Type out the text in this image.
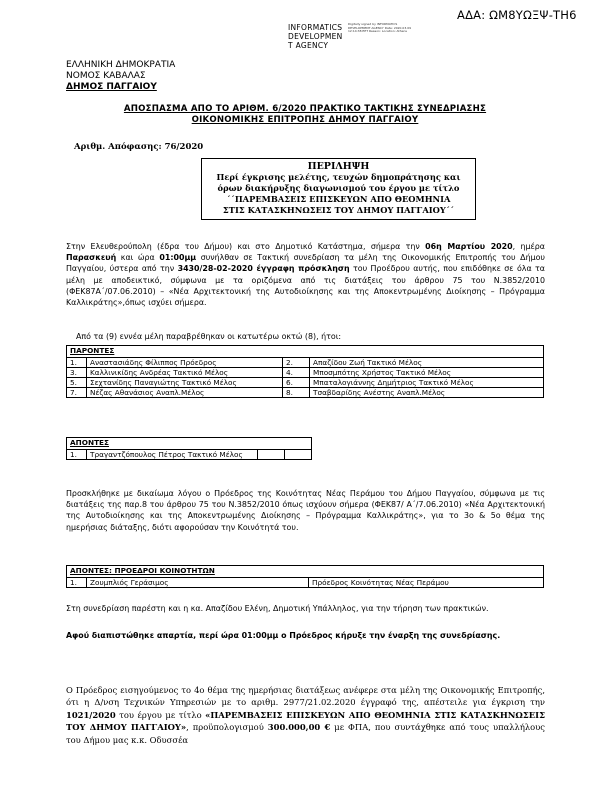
ΑΔΑ: ΩΜ8ΥΩΞΨ-ΤΗ6
INFORMATICS
DEVELOPMEN
T AGENCY
Digitally signed by INFORMATICS DEVELOPMENT AGENCY Date: 2020.03.09 12:14:38 EET Reason: Location: Athens
ΕΛΛΗΝΙΚΗ ΔΗΜΟΚΡΑΤΙΑ
ΝΟΜΟΣ ΚΑΒΑΛΑΣ
ΔΗΜΟΣ ΠΑΓΓΑΙΟΥ
ΑΠΟΣΠΑΣΜΑ ΑΠΟ ΤΟ ΑΡΙΘΜ. 6/2020 ΠΡΑΚΤΙΚΟ ΤΑΚΤΙΚΗΣ ΣΥΝΕΔΡΙΑΣΗΣ
ΟΙΚΟΝΟΜΙΚΗΣ ΕΠΙΤΡΟΠΗΣ ΔΗΜΟΥ ΠΑΓΓΑΙΟΥ
Αριθμ. Απόφασης: 76/2020
ΠΕΡΙΛΗΨΗ
Περί έγκρισης μελέτης, τευχών δημοπράτησης και
όρων διακήρυξης διαγωνισμού του έργου με τίτλο
΄΄ΠΑΡΕΜΒΑΣΕΙΣ ΕΠΙΣΚΕΥΩΝ ΑΠΟ ΘΕΟΜΗΝΙΑ
ΣΤΙΣ ΚΑΤΑΣΚΗΝΩΣΕΙΣ ΤΟΥ ΔΗΜΟΥ ΠΑΓΓΑΙΟΥ΄΄
Στην Ελευθερούπολη (έδρα του Δήμου) και στο Δημοτικό Κατάστημα, σήμερα την 06η Μαρτίου 2020, ημέρα Παρασκευή και ώρα 01:00μμ συνήλθαν σε Τακτική συνεδρίαση τα μέλη της Οικονομικής Επιτροπής του Δήμου Παγγαίου, ύστερα από την 3430/28-02-2020 έγγραφη πρόσκληση του Προέδρου αυτής, που επιδόθηκε σε όλα τα μέλη με αποδεικτικό, σύμφωνα με τα οριζόμενα από τις διατάξεις του άρθρου 75 του Ν.3852/2010 (ΦΕΚ87Α΄/07.06.2010) – «Νέα Αρχιτεκτονική της Αυτοδιοίκησης και της Αποκεντρωμένης Διοίκησης – Πρόγραμμα Καλλικράτης»,όπως ισχύει σήμερα.
Από τα (9) εννέα μέλη παραβρέθηκαν οι κατωτέρω οκτώ (8), ήτοι:
ΠΑΡΟΝΤΕΣ			
1.	Αναστασιάδης Φίλιππος Πρόεδρος	2.	Απαζίδου Ζωή Τακτικό Μέλος
3.	Καλλινικίδης Ανδρέας Τακτικό Μέλος	4.	Μποσμπότης Χρήστος Τακτικό Μέλος
5.	Σεχτανίδης Παναγιώτης Τακτικό Μέλος	6.	Μπαταλογιάννης Δημήτριος Τακτικό Μέλος
7.	Νέζας Αθανάσιος Αναπλ.Μέλος	8.	Τσαβδαρίδης Ανέστης Αναπλ.Μέλος
ΑΠΟΝΤΕΣ
1.	Τραγαντζόπουλος Πέτρος Τακτικό Μέλος		
Προσκλήθηκε με δικαίωμα λόγου ο Πρόεδρος της Κοινότητας Νέας Περάμου του Δήμου Παγγαίου, σύμφωνα με τις διατάξεις της παρ.8 του άρθρου 75 του Ν.3852/2010 όπως ισχύουν σήμερα (ΦΕΚ87/ Α΄/7.06.2010) «Νέα Αρχιτεκτονική της Αυτοδιοίκησης και της Αποκεντρωμένης Διοίκησης – Πρόγραμμα Καλλικράτης», για το 3ο & 5ο θέμα της ημερήσιας διάταξης, διότι αφορούσαν την Κοινότητά του.
ΑΠΟΝΤΕΣ: ΠΡΟΕΔΡΟΙ ΚΟΙΝΟΤΗΤΩΝ
1.	Ζουμπλιός Γεράσιμος	Πρόεδρος Κοινότητας Νέας Περάμου
Στη συνεδρίαση παρέστη και η κα. Απαζίδου Ελένη, Δημοτική Υπάλληλος, για την τήρηση των πρακτικών.
Αφού διαπιστώθηκε απαρτία, περί ώρα 01:00μμ ο Πρόεδρος κήρυξε την έναρξη της συνεδρίασης.
Ο Πρόεδρος εισηγούμενος το 4ο θέμα της ημερήσιας διατάξεως ανέφερε στα μέλη της Οικονομικής Επιτροπής, ότι η Δ/νση Τεχνικών Υπηρεσιών με το αριθμ. 2977/21.02.2020 έγγραφό της, απέστειλε για έγκριση την 1021/2020 του έργου με τίτλο «ΠΑΡΕΜΒΑΣΕΙΣ ΕΠΙΣΚΕΥΩΝ ΑΠΟ ΘΕΟΜΗΝΙΑ ΣΤΙΣ ΚΑΤΑΣΚΗΝΩΣΕΙΣ ΤΟΥ ΔΗΜΟΥ ΠΑΓΓΑΙΟΥ», προϋπολογισμού 300.000,00 € με ΦΠΑ, που συντάχθηκε από τους υπαλλήλους του Δήμου μας κ.κ. Οδυσσέα
